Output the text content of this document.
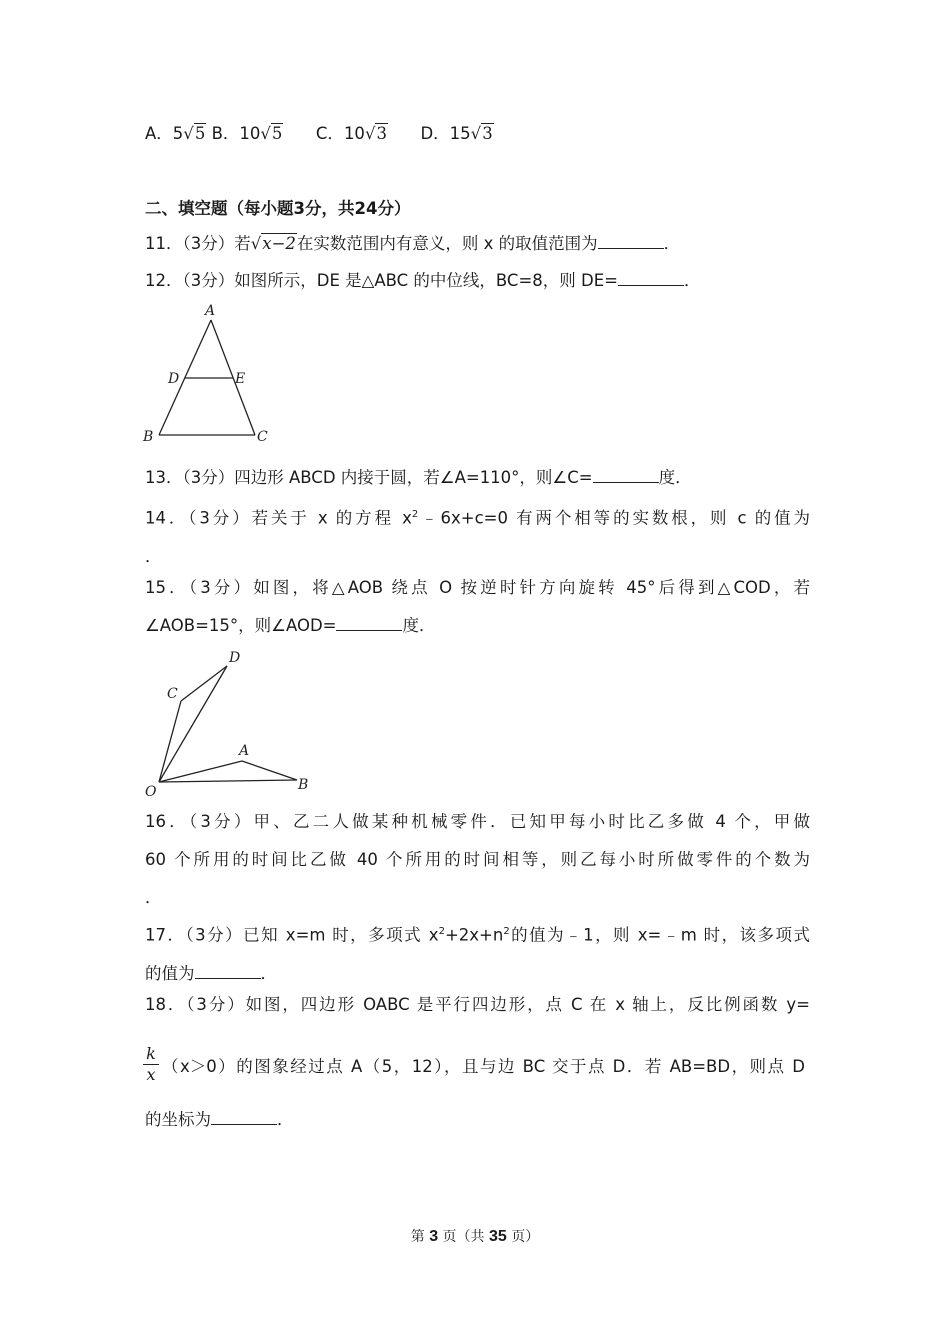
A．5√5 B．10√5 C．10√3 D．15√3
二、填空题（每小题3分，共24分）
11．（3分）若√x−2在实数范围内有意义，则 x 的取值范围为	．
12．（3分）如图所示，DE 是△ABC 的中位线，BC=8，则 DE=	．
A
B	C
D	E
13．（3分）四边形 ABCD 内接于圆，若∠A=110°，则∠C=	度．
14．（3分）若关于 x 的方程 $x^2﹣6x+c=0$ 有两个相等的实数根，则 c 的值为
．
15．（3分）如图，将△AOB 绕点 O 按逆时针方向旋转 45°后得到△COD，若
∠AOB=15°，则∠AOD=	度．
O
A
B
C
D
16．（3分）甲、乙二人做某种机械零件．已知甲每小时比乙多做 4 个，甲做
60 个所用的时间比乙做 40 个所用的时间相等，则乙每小时所做零件的个数为
．
17．（3分）已知 x=m 时，多项式 $x^2+2x+n^2$的值为﹣1，则 x=﹣m 时，该多项式
的值为	．
18．（3分）如图，四边形 OABC 是平行四边形，点 C 在 x 轴上，反比例函数 y=
$\frac{k}{x} (x>0)$的图象经过点 A（5，12），且与边 BC 交于点 D．若 AB=BD，则点 D
的坐标为	．
第 3 页（共 35 页）
